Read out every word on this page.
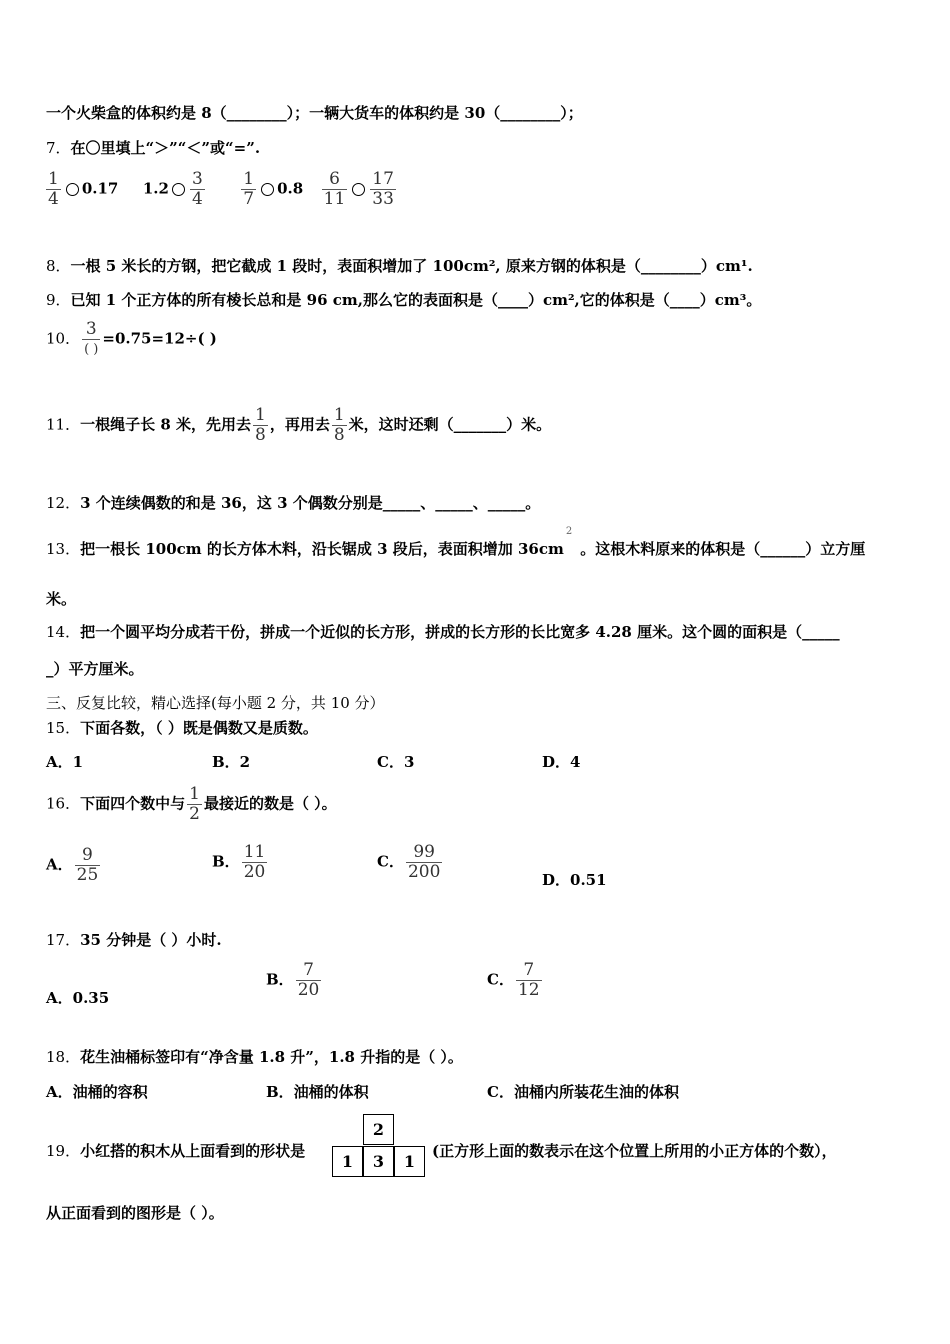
一个火柴盒的体积约是 8（________）；一辆大货车的体积约是 30（________）；
7．在〇里填上“＞”“＜”或“=”.
$\frac{1}{4} 0.17$ $1.2 \frac{3}{4}$
$\frac{1}{7} 0.8 \frac{6}{11} \frac{17}{33}$
8．一根 5 米长的方钢，把它截成 1 段时，表面积增加了 100cm², 原来方钢的体积是（________）cm¹.
9．已知 1 个正方体的所有棱长总和是 96 cm,那么它的表面积是（____）cm²,它的体积是（____）cm³。
10． $\frac{3}{( )} =0.75=12\div$( )
11．一根绳子长 8 米，先用去 $\frac{1}{8}$ ，再用去 $\frac{1}{8}$ 米，这时还剩（_______）米。
12．3 个连续偶数的和是 36，这 3 个偶数分别是_____、_____、_____。
13．把一根长 100cm 的长方体木料，沿长锯成 3 段后，表面积增加 $36cm^2$。这根木料原来的体积是（______）立方厘
米。
14．把一个圆平均分成若干份，拼成一个近似的长方形，拼成的长方形的长比宽多 4.28 厘米。这个圆的面积是（_____
_）平方厘米。
三、反复比较，精心选择(每小题 2 分，共 10 分）
15．下面各数，（ ）既是偶数又是质数。
A．1	B．2	C．3	D．4
16．下面四个数中与 $\frac{1}{2}$ 最接近的数是（ ）。
A． $\frac{9}{25}$	B． $\frac{11}{20}$	C． $\frac{99}{200}$	D．0.51
17．35 分钟是（ ）小时.
A．0.35
B． $\frac{7}{20}$	C． $\frac{7}{12}$
18．花生油桶标签印有“净含量 1.8 升”，1.8 升指的是（ ）。
A．油桶的容积	B．油桶的体积	C．油桶内所装花生油的体积
19．小红搭的积木从上面看到的形状是
2
1	3	1
(正方形上面的数表示在这个位置上所用的小正方体的个数），
从正面看到的图形是（ ）。
